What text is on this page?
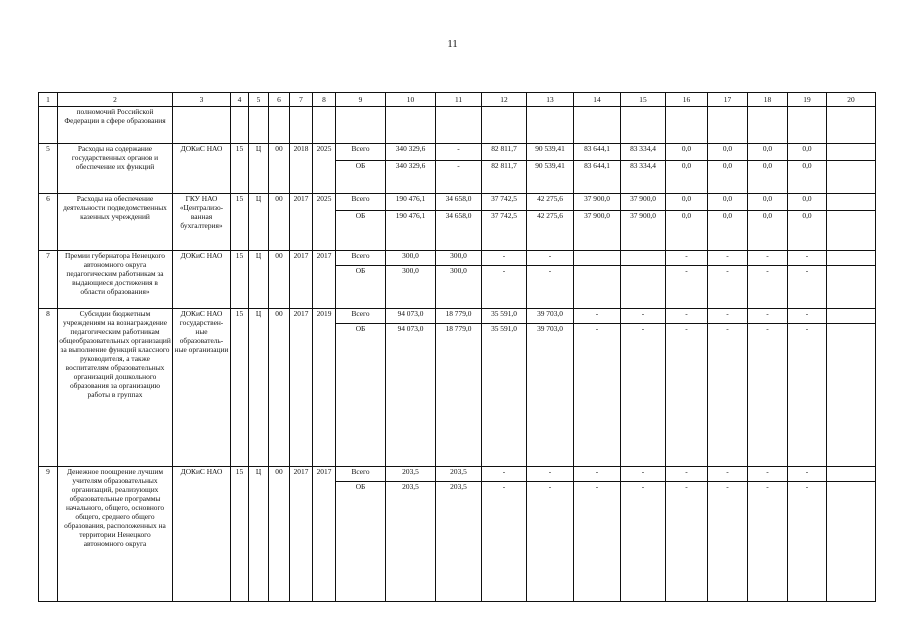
11
1	2	3	4	5	6	7	8	9	10	11	12	13	14	15	16	17	18	19	20
	полномочий Российской Федерации в сфере образования																		
5	Расходы на содержание государственных органов и обеспечение их функций	ДОКиС НАО	15	Ц	00	2018	2025	Всего	340 329,6	-	82 811,7	90 539,41	83 644,1	83 334,4	0,0	0,0	0,0	0,0	
								ОБ	340 329,6	-	82 811,7	90 539,41	83 644,1	83 334,4	0,0	0,0	0,0	0,0	
6	Расходы на обеспечение деятельности подведомственных казенных учреждений	ГКУ НАО «Централизо-ванная бухгалтерия»	15	Ц	00	2017	2025	Всего	190 476,1	34 658,0	37 742,5	42 275,6	37 900,0	37 900,0	0,0	0,0	0,0	0,0	
								ОБ	190 476,1	34 658,0	37 742,5	42 275,6	37 900,0	37 900,0	0,0	0,0	0,0	0,0	
7	Премии губернатора Ненецкого автономного округа педагогическим работникам за выдающиеся достижения в области образования»	ДОКиС НАО	15	Ц	00	2017	2017	Всего	300,0	300,0	-	-			-	-	-	-	
								ОБ	300,0	300,0	-	-			-	-	-	-	
8	Субсидии бюджетным учреждениям на вознаграждение педагогическим работникам общеобразовательных организаций за выполнение функций классного руководителя, а также воспитателям образовательных организаций дошкольного образования за организацию работы в группах	ДОКиС НАО государствен-ные образователь-ные организации	15	Ц	00	2017	2019	Всего	94 073,0	18 779,0	35 591,0	39 703,0	-	-	-	-	-	-	
								ОБ	94 073,0	18 779,0	35 591,0	39 703,0	-	-	-	-	-	-	
9	Денежное поощрение лучшим учителям образовательных организаций, реализующих образовательные программы начального, общего, основного общего, среднего общего образования, расположенных на территории Ненецкого автономного округа	ДОКиС НАО	15	Ц	00	2017	2017	Всего	203,5	203,5	-	-	-	-	-	-	-	-	
								ОБ	203,5	203,5	-	-	-	-	-	-	-	-	
